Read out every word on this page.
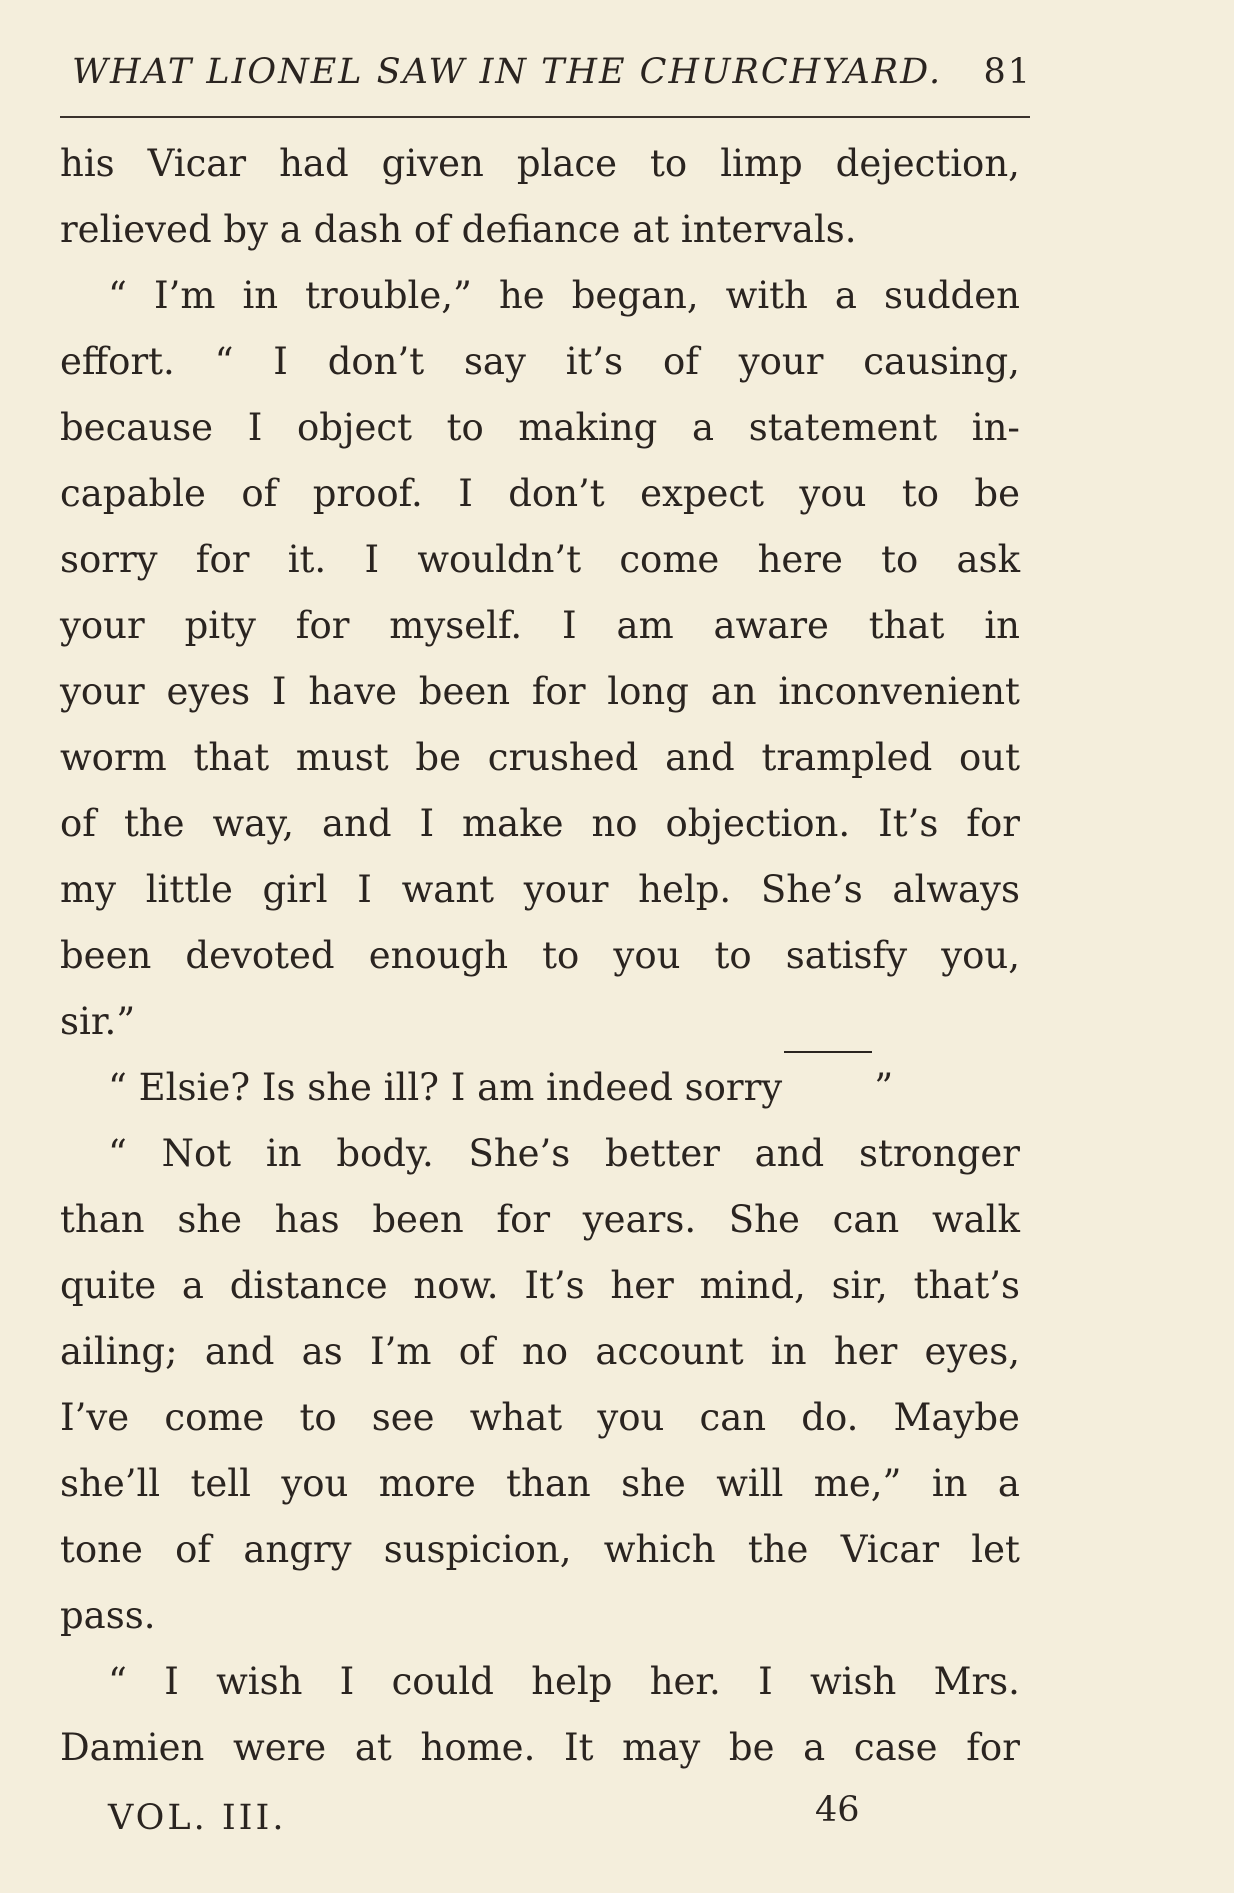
WHAT LIONEL SAW IN THE CHURCHYARD. 81
his Vicar had given place to limp dejection,
relieved by a dash of defiance at intervals.
“ I’m in trouble,” he began, with a sudden
effort. “ I don’t say it’s of your causing,
because I object to making a statement in-
capable of proof. I don’t expect you to be
sorry for it. I wouldn’t come here to ask
your pity for myself. I am aware that in
your eyes I have been for long an inconvenient
worm that must be crushed and trampled out
of the way, and I make no objection. It’s for
my little girl I want your help. She’s always
been devoted enough to you to satisfy you,
sir.”
“ Elsie? Is she ill? I am indeed sorry ”
“ Not in body. She’s better and stronger
than she has been for years. She can walk
quite a distance now. It’s her mind, sir, that’s
ailing; and as I’m of no account in her eyes,
I’ve come to see what you can do. Maybe
she’ll tell you more than she will me,” in a
tone of angry suspicion, which the Vicar let
pass.
“ I wish I could help her. I wish Mrs.
Damien were at home. It may be a case for
VOL. III.	46
